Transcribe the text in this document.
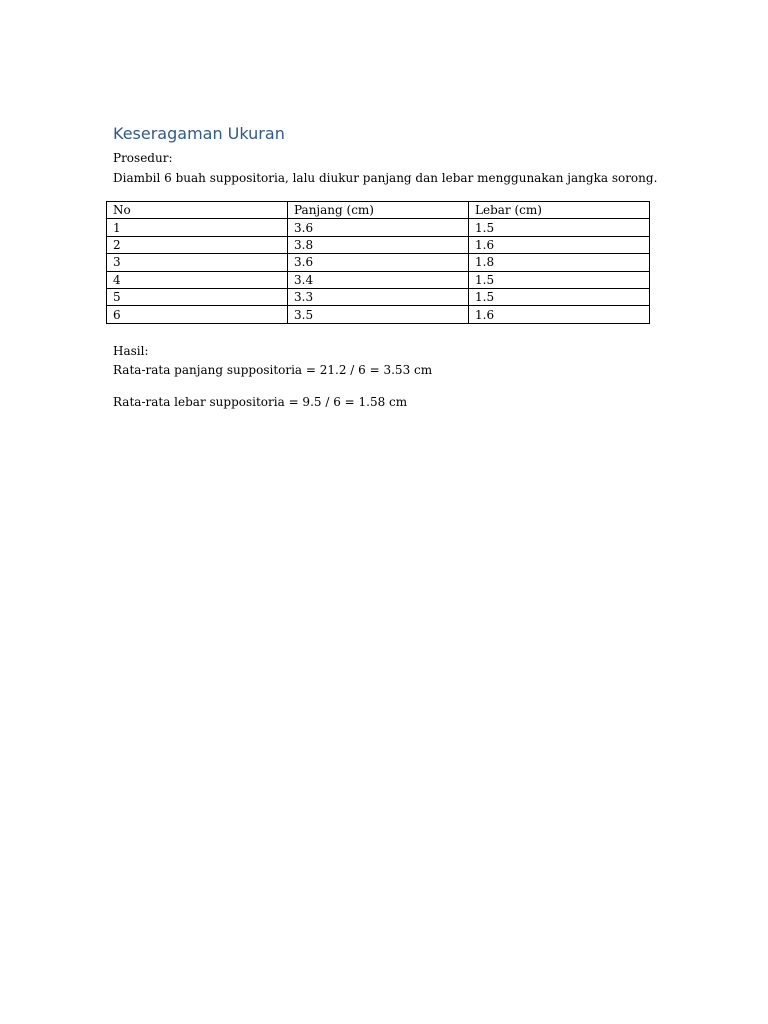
Keseragaman Ukuran
Prosedur:
Diambil 6 buah suppositoria, lalu diukur panjang dan lebar menggunakan jangka sorong.
No	Panjang (cm)	Lebar (cm)
1	3.6	1.5
2	3.8	1.6
3	3.6	1.8
4	3.4	1.5
5	3.3	1.5
6	3.5	1.6
Hasil:
Rata-rata panjang suppositoria = 21.2 / 6 = 3.53 cm
Rata-rata lebar suppositoria = 9.5 / 6 = 1.58 cm
